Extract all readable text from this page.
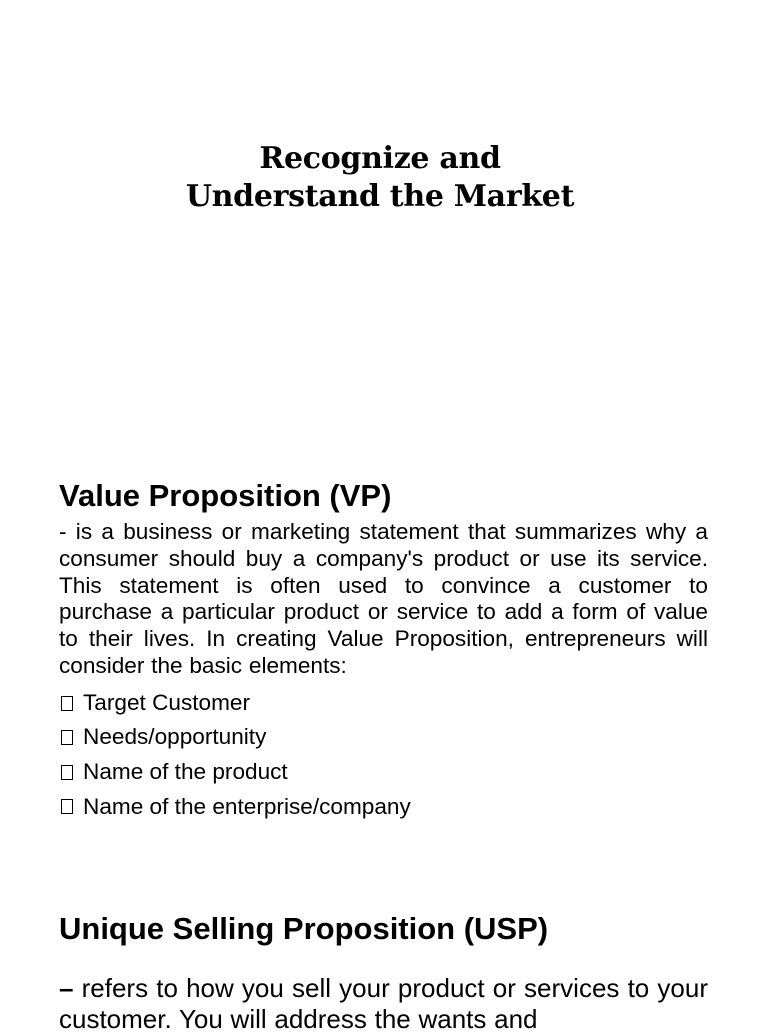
Recognize and
Understand the Market
Value Proposition (VP)

- is a business or marketing statement that summarizes why a consumer should buy a company's product or use its service. This statement is often used to convince a customer to purchase a particular product or service to add a form of value to their lives. In creating Value Proposition, entrepreneurs will consider the basic elements:

Target Customer
Needs/opportunity
Name of the product
Name of the enterprise/company
Unique Selling Proposition (USP)

– refers to how you sell your product or services to your customer. You will address the wants and
